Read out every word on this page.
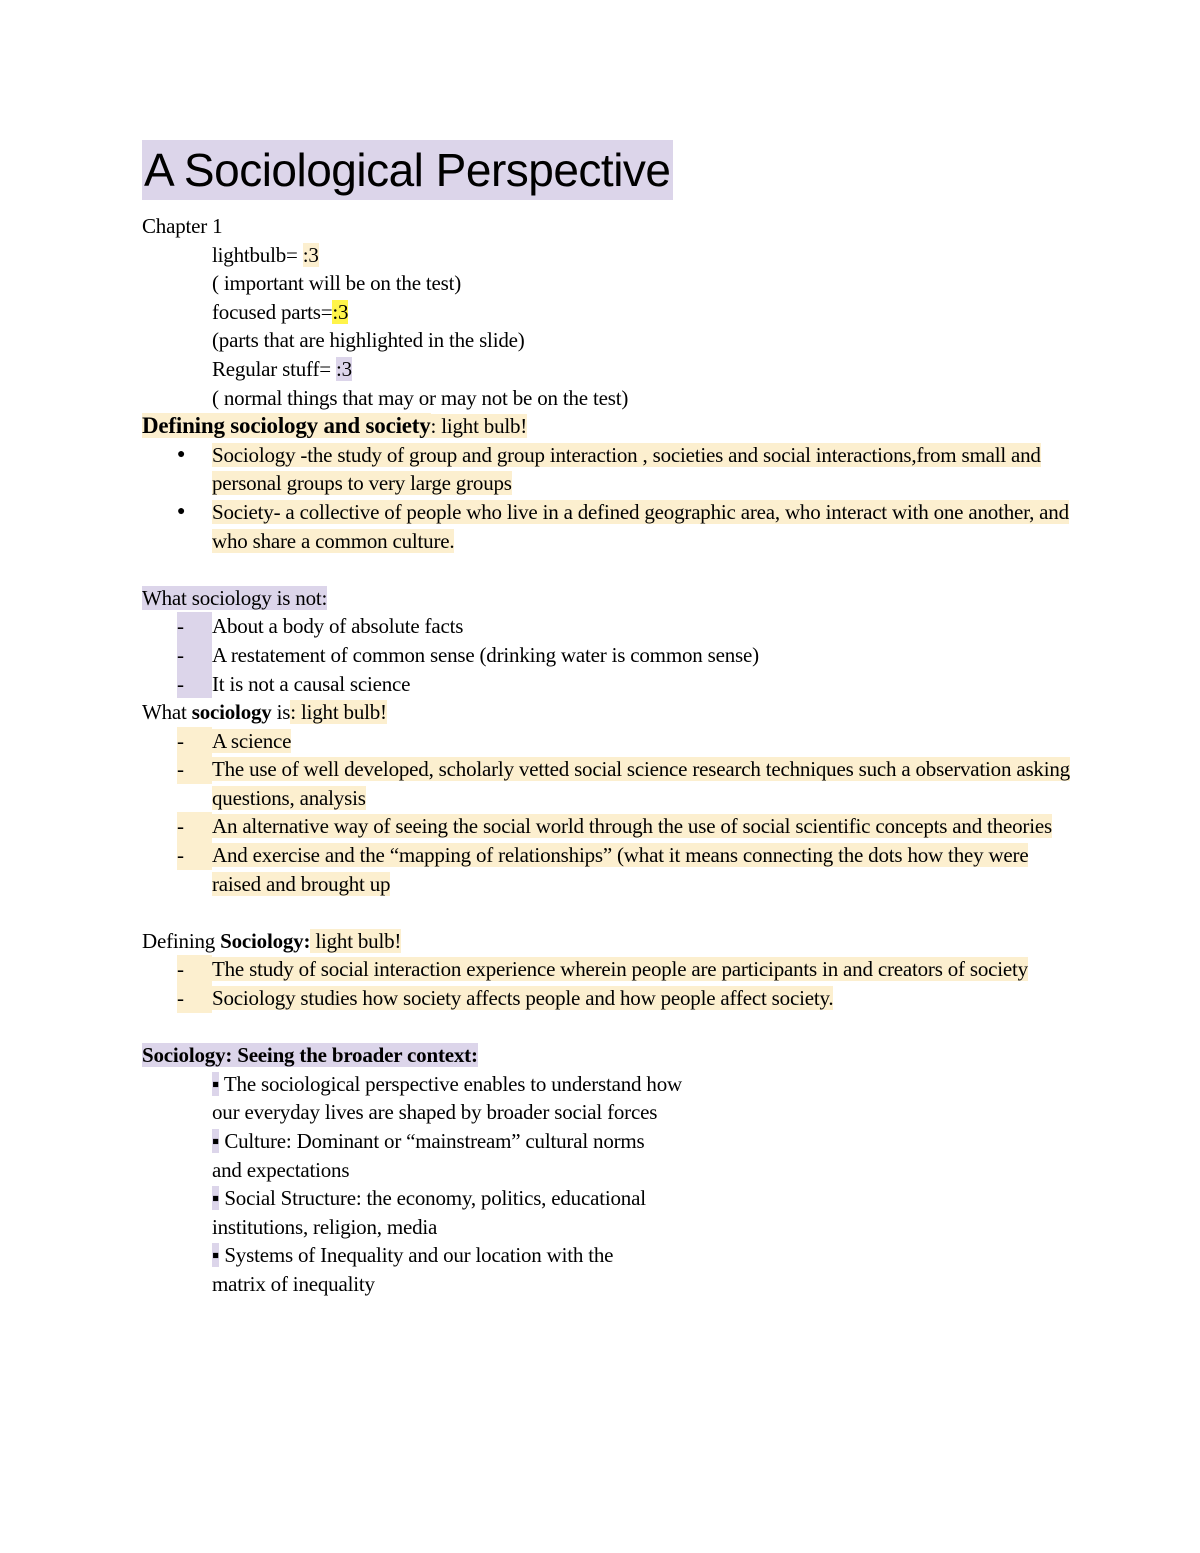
A Sociological Perspective
Chapter 1
lightbulb= :3
( important will be on the test)
focused parts=:3
(parts that are highlighted in the slide)
Regular stuff= :3
( normal things that may or may not be on the test)
Defining sociology and society: light bulb!
●	Sociology -the study of group and group interaction , societies and social interactions,from small and personal groups to very large groups
●	Society- a collective of people who live in a defined geographic area, who interact with one another, and who share a common culture.
What sociology is not:
-	About a body of absolute facts
-	A restatement of common sense (drinking water is common sense)
-	It is not a causal science
What sociology is: light bulb!
-	A science
-	The use of well developed, scholarly vetted social science research techniques such a observation asking questions, analysis
-	An alternative way of seeing the social world through the use of social scientific concepts and theories
-	And exercise and the “mapping of relationships” (what it means connecting the dots how they were raised and brought up
Defining Sociology: light bulb!
-	The study of social interaction experience wherein people are participants in and creators of society
-	Sociology studies how society affects people and how people affect society.
Sociology: Seeing the broader context:
▪ The sociological perspective enables to understand how
our everyday lives are shaped by broader social forces
▪ Culture: Dominant or “mainstream” cultural norms
and expectations
▪ Social Structure: the economy, politics, educational
institutions, religion, media
▪ Systems of Inequality and our location with the
matrix of inequality
